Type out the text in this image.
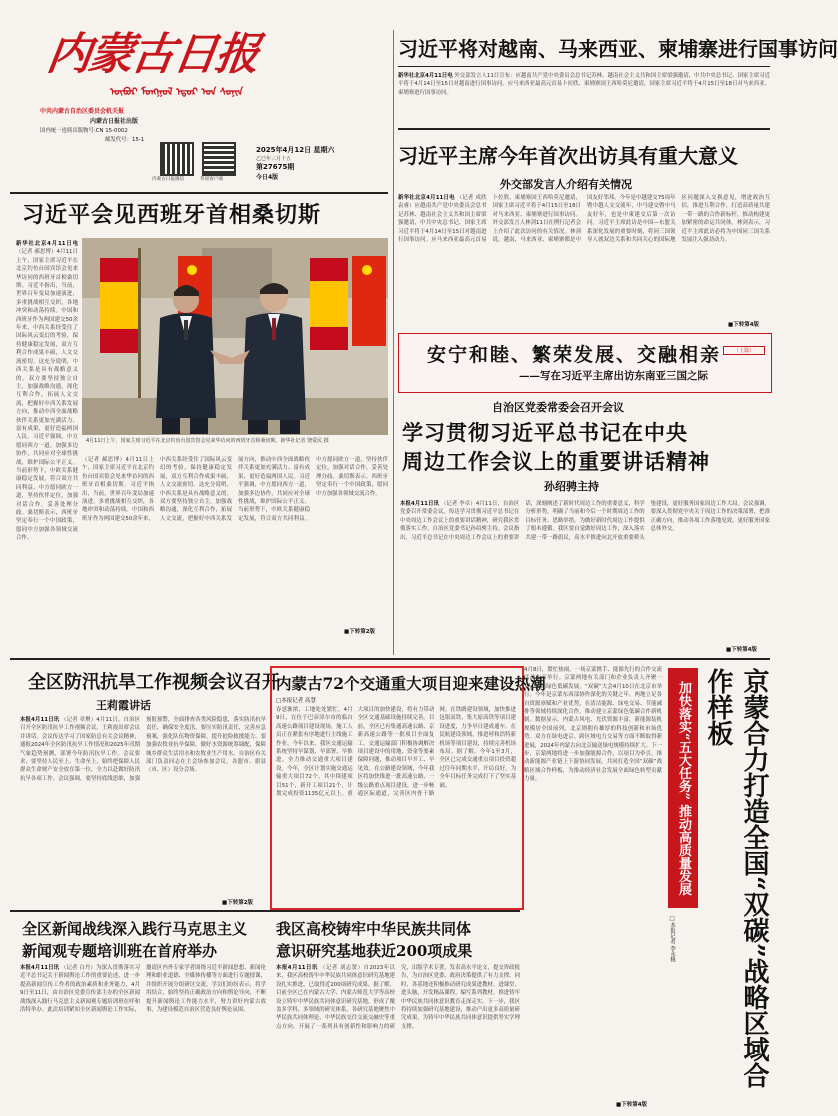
内蒙古日报
ᠥᠪᠦᠷ ᠮᠣᠩᠭᠣᠯ ᠡᠳᠦᠷ ᠤᠨ ᠰᠣᠨᠢᠨ
中共内蒙古自治区委员会机关报
内蒙古日报社出版
国内统一连续出版物号:CN 15-0002
邮发代号：15-1
内蒙古日报微信	草原客户端
2025年4月12日 星期六
乙巳年三月十五
第27675期
今日4版
习近平将对越南、马来西亚、柬埔寨进行国事访问
新华社北京4月11日电 外交部发言人11日宣布：应越南共产党中央委员会总书记苏林、越南社会主义共和国主席梁强邀请，中共中央总书记、国家主席习近平将于4月14日至15日对越南进行国事访问。应马来西亚最高元首易卜拉欣、柬埔寨国王西哈莫尼邀请，国家主席习近平将于4月15日至18日对马来西亚、柬埔寨进行国事访问。
习近平主席今年首次出访具有重大意义
外交部发言人介绍有关情况
新华社北京4月11日电 （记者 成欣 袁睿）应越南共产党中央委员会总书记苏林、越南社会主义共和国主席梁强邀请，中共中央总书记、国家主席习近平将于4月14日至15日对越南进行国事访问。应马来西亚最高元首易卜拉欣、柬埔寨国王西哈莫尼邀请，国家主席习近平将于4月15日至18日对马来西亚、柬埔寨进行国事访问。外交部发言人林剑11日在例行记者会上介绍了此次访问的有关情况。林剑说，越南、马来西亚、柬埔寨都是中国友好邻邦。今年是中越建交75周年暨中越人文交流年，中马建交暨中马友好年，也是中柬建交后第一次访问。习近平主席此访是中国—东盟关系深化发展的重要时刻，将同三国领导人就双边关系和共同关心的国际地区问题深入交换意见，增进政治互信，推进互利合作，打造高质量共建一带一路的合作新标杆，推动构建更加紧密的命运共同体。林剑表示，习近平主席此访必将为中国同三国关系发展注入强劲动力。
■下转第4版
安宁和睦、繁荣发展、交融相亲	（上篇）
——写在习近平主席出访东南亚三国之际
自治区党委常委会召开会议
学习贯彻习近平总书记在中央
周边工作会议上的重要讲话精神
孙绍骋主持
本报4月11日讯 （记者 李卓）4月11日，自治区党委召开常委会议，传达学习贯彻习近平总书记在中央周边工作会议上的重要讲话精神，研究我区贯彻落实工作。自治区党委书记孙绍骋主持。会议指出，习近平总书记在中央周边工作会议上的重要讲话，深刻阐述了新时代周边工作的重要意义，科学分析形势，明确了当前和今后一个时期周边工作的目标任务、思路举措，为做好新时代周边工作提供了根本遵循。我区要自觉做好周边工作，深入落实共建一带一路倡议，高水平推进向北开放重要桥头堡建设，更好服务国家周边工作大局。会议强调，要深入贯彻党中央关于周边工作的决策部署，把准正确方向，推动各项工作落地见效，更好服务国家总体外交。
■下转第4版
习近平会见西班牙首相桑切斯
4月11日上午，国家主席习近平在北京钓鱼台国宾馆会见来华访问的西班牙首相桑切斯。新华社记者 饶爱民 摄
新华社北京4月11日电 （记者 郝思博）4月11日上午，国家主席习近平在北京钓鱼台国宾馆会见来华访问的西班牙首相桑切斯。习近平指出，当前，世界百年变局加速演进，多重挑战相互交织，各地冲突和动荡持续。中国和西班牙作为两国建交50余年来，中西关系经受住了国际风云变幻的考验，保持健康稳定发展，双方互利合作成果丰硕，人文交流密切。这充分说明，中西关系是具有战略意义的。双方要坚持独立自主，加强战略沟通，深化互利合作，拓展人文交流，把握好中西关系发展方向，推动中西全面战略伙伴关系更加充满活力、富有成果，更好造福两国人民。习近平强调，中方愿同西方一道，加强多边协作，共同应对全球性挑战，维护国际公平正义。当前形势下，中欧关系健康稳定发展，符合双方共同利益。中方愿同欧方一道，坚持伙伴定位，加强对话合作，妥善处理分歧。桑切斯表示，西班牙坚定奉行一个中国政策，愿同中方加强各领域交流合作。
（记者 郝思博）4月11日上午，国家主席习近平在北京钓鱼台国宾馆会见来华访问的西班牙首相桑切斯。习近平指出，当前，世界百年变局加速演进，多重挑战相互交织，各地冲突和动荡持续。中国和西班牙作为两国建交50余年来，中西关系经受住了国际风云变幻的考验，保持健康稳定发展，双方互利合作成果丰硕，人文交流密切。这充分说明，中西关系是具有战略意义的。双方要坚持独立自主，加强战略沟通，深化互利合作，拓展人文交流，把握好中西关系发展方向，推动中西全面战略伙伴关系更加充满活力、富有成果，更好造福两国人民。习近平强调，中方愿同西方一道，加强多边协作，共同应对全球性挑战，维护国际公平正义。当前形势下，中欧关系健康稳定发展，符合双方共同利益。中方愿同欧方一道，坚持伙伴定位，加强对话合作，妥善处理分歧。桑切斯表示，西班牙坚定奉行一个中国政策，愿同中方加强各领域交流合作。
■下转第2版
全区防汛抗旱工作视频会议召开
王莉霞讲话
本报4月11日讯 （记者 章聚）4月11日，自治区召开全区防汛抗旱工作视频会议。王莉霞出席会议并讲话。会议传达学习了国家防总有关会议精神，通报2024年全区防汛抗旱工作情况和2025年汛期气象趋势预测，部署今年防汛抗旱工作。会议要求，要坚持人民至上、生命至上，始终把保障人民群众生命财产安全放在第一位，全力以赴做好防汛抗旱各项工作。会议强调，要坚持底线思维，加强预报预警，全面排查各类风险隐患，落实防汛抗旱责任，确保安全度汛。要压实防汛责任，完善应急预案，强化队伍物资保障，提升抢险救援能力。要加强农牧业抗旱保障，做好水资源统筹调配，保障城乡群众生活用水和农牧业生产用水。自治区有关部门负责同志在主会场参加会议。各盟市、旗县（市、区）设分会场。
■下转第2版
内蒙古72个交通重大项目迎来建设热潮
□本报记者 高慧
春意渐浓，工地处处繁忙。4月9日，在位于巴彦淖尔市的临白高速公路项目建设现场，施工人员正在紧张有序地进行主线施工作业。今年以来，我区交通运输系统坚持早谋划、早部署、早推进，全力推动交通重大项目建设。今年，全区计划实施交通运输重大项目72个，其中续建项目51个，新开工项目21个，计划完成投资1135亿元以上。重大项目的加快建设，将有力带动全区交通基础设施持续完善。目前，全区已有集通高速公路、京新高速公路等一批项目全面复工。交通运输部门积极协调解决项目建设中的用地、资金等要素保障问题，推动项目早开工、早见效。在公路建设领域，今年我区将加快推进一批高速公路、一级公路重点项目建设，进一步畅通区际通道，完善区内骨干路网。在铁路建设领域，加快推进包银高铁、集大原高铁等项目建设进度，力争早日建成通车。在民航建设领域，推进呼和浩特新机场等项目建设，持续完善机场布局。据了解，今年1至3月，全区已完成交通重点项目投资超过往年同期水平，开局良好，为全年目标任务完成打下了坚实基础。	加快落实“五大任务” 推动高质量发展	京蒙合力打造全国“双碳”战略区域合作样板
□本报记者 李永桃
4月8日，繁忙热闹，一场京蒙携手、能源先行的合作交流活动在京举行。京蒙两地有关部门和企业负责人齐聚一堂，共商绿色低碳发展。“双碳”大会4月10日在北京市举行。今年是京蒙东西部协作深化的关键之年，两地立足各自资源禀赋和产业优势，在清洁能源、绿电交易、节能减排等领域持续深化合作，推动建立京蒙绿色低碳合作新机制。数据显示，内蒙古风电、光伏资源丰富，新能源装机规模居全国前列，北京则拥有雄厚的科技创新和市场优势。双方在绿电进京、跨区域电力交易等方面不断取得新进展，2024年内蒙古向北京输送绿电规模持续扩大。下一步，京蒙两地将进一步加强能源合作，以项目为牵引，推动新能源产业链上下游协同发展，共同打造全国“双碳”战略区域合作样板，为推动经济社会发展全面绿色转型贡献力量。
■下转第4版
全区新闻战线深入践行马克思主义
新闻观专题培训班在首府举办
本报4月11日讯 （记者 白丹）为深入贯彻落实习近平总书记关于新闻舆论工作的重要论述，进一步提高新闻宣传工作者的政治素质和业务能力，4月9日至11日，由自治区党委宣传部主办的全区新闻战线深入践行马克思主义新闻观专题培训班在呼和浩特举办。此次培训紧扣全区新闻舆论工作实际，邀请区内外专家学者围绕习近平新闻思想、新闻伦理和职业道德、全媒体传播等方面进行专题授课，并组织开展分组研讨交流。学员们纷纷表示，将学用结合，始终坚持正确政治方向和舆论导向，不断提升新闻舆论工作能力水平，努力讲好内蒙古故事，为建设模范自治区营造良好舆论氛围。
我区高校铸牢中华民族共同体
意识研究基地获近200项成果
本报4月11日讯 （记者 刘志贤）自2023年以来，我区高校铸牢中华民族共同体意识研究基地建设扎实推进，已取得近200项研究成果。据了解，目前全区已在内蒙古大学、内蒙古师范大学等高校设立铸牢中华民族共同体意识研究基地，形成了覆盖多学科、多领域的研究体系。各研究基地聚焦中华民族共同体理论、中华民族交往交流交融史等重点方向，开展了一系列具有创新性和影响力的研究，出版学术专著，发表高水平论文，提交咨政报告，为自治区党委、政府决策提供了有力支撑。同时，各基地还积极推动研究成果进教材、进课堂、进头脑，开发精品课程，编写系列教材，推进铸牢中华民族共同体意识教育走深走实。下一步，我区将持续加强研究基地建设，推动产出更多高质量研究成果，为铸牢中华民族共同体意识提供坚实学理支撑。
